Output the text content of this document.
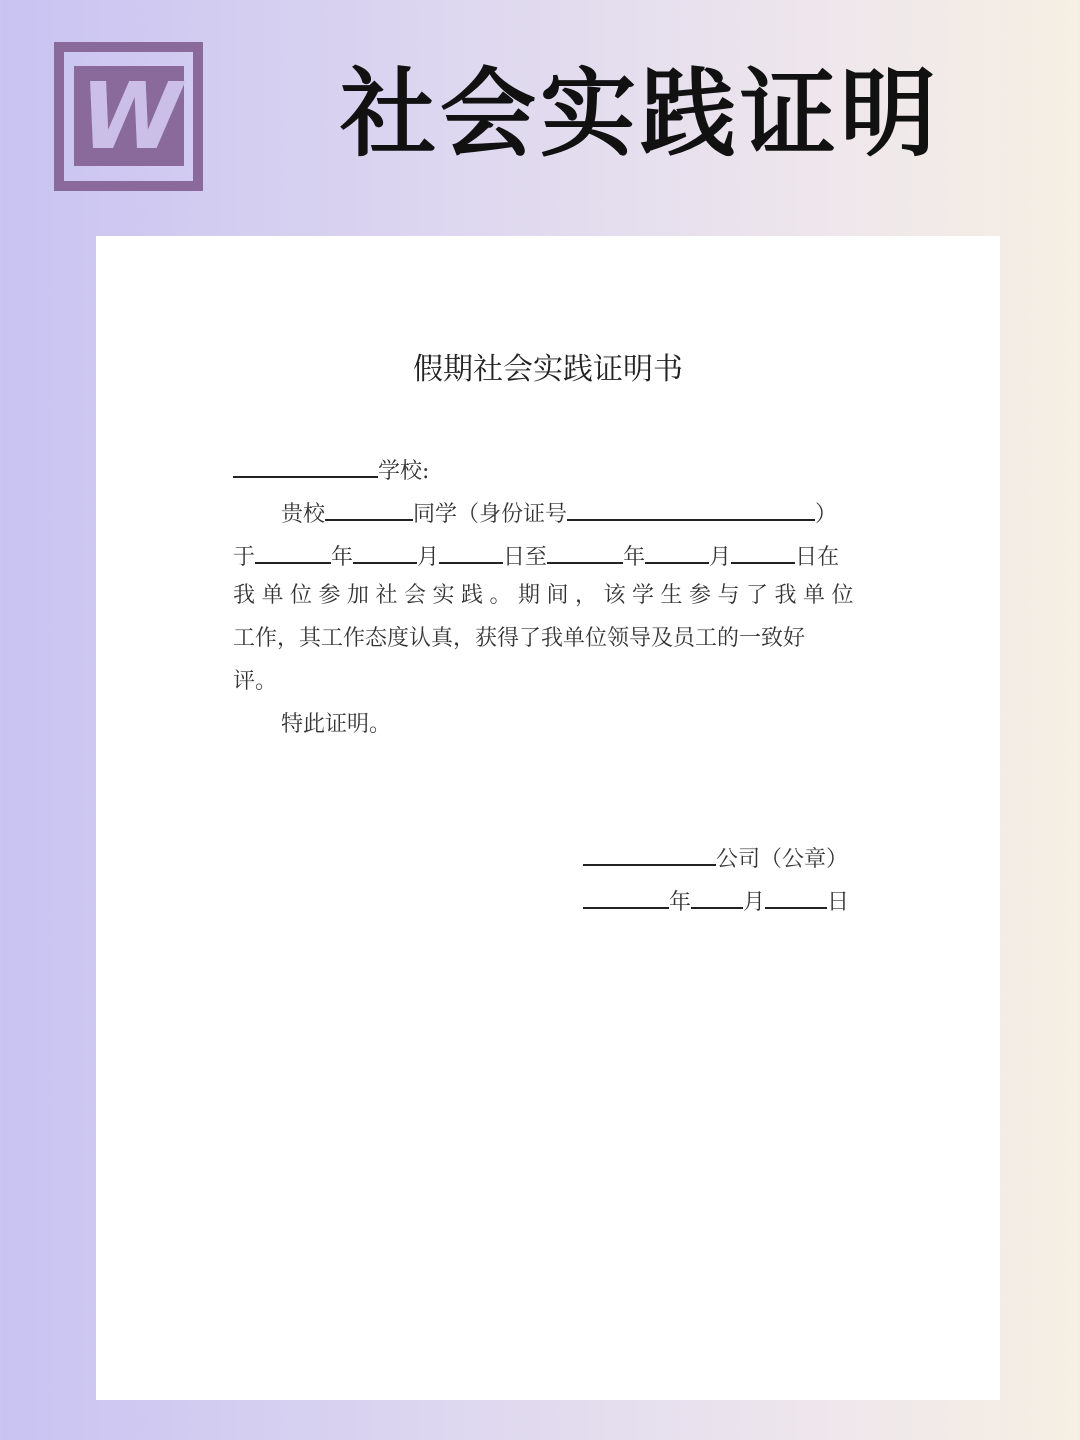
W 社会实践证明
假期社会实践证明书
学校:
贵校	同学（身份证号	）
于	年	月	日至	年	月	日在
我单位参加社会实践。期间，该学生参与了我单位
工作，其工作态度认真，获得了我单位领导及员工的一致好
评。
特此证明。
公司（公章）
年 月	日
